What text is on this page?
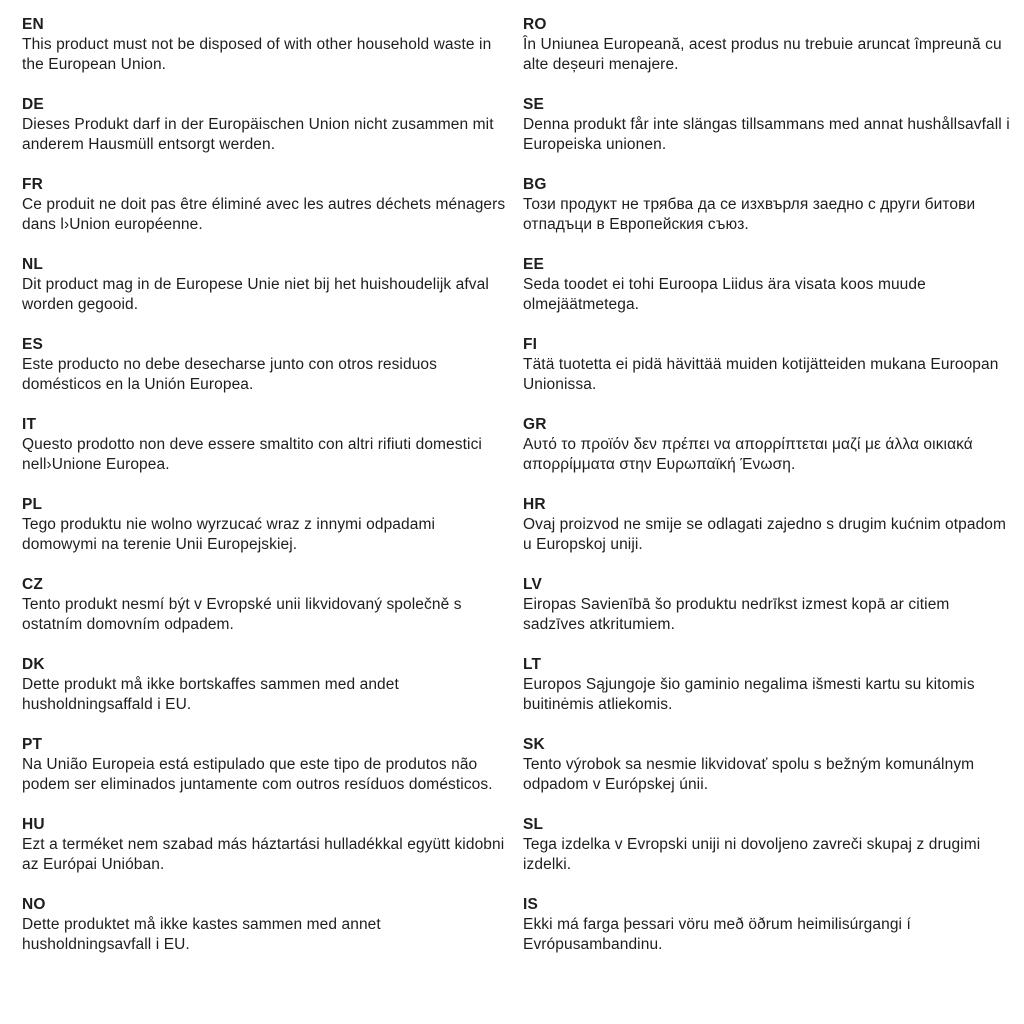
EN
This product must not be disposed of with other household waste in the European Union.
DE
Dieses Produkt darf in der Europäischen Union nicht zusammen mit anderem Hausmüll entsorgt werden.
FR
Ce produit ne doit pas être éliminé avec les autres déchets ménagers dans l›Union européenne.
NL
Dit product mag in de Europese Unie niet bij het huishoudelijk afval worden gegooid.
ES
Este producto no debe desecharse junto con otros residuos domésticos en la Unión Europea.
IT
Questo prodotto non deve essere smaltito con altri rifiuti domestici nell›Unione Europea.
PL
Tego produktu nie wolno wyrzucać wraz z innymi odpadami domowymi na terenie Unii Europejskiej.
CZ
Tento produkt nesmí být v Evropské unii likvidovaný společně s ostatním domovním odpadem.
DK
Dette produkt må ikke bortskaffes sammen med andet husholdningsaffald i EU.
PT
Na União Europeia está estipulado que este tipo de produtos não podem ser eliminados juntamente com outros resíduos domésticos.
HU
Ezt a terméket nem szabad más háztartási hulladékkal együtt kidobni az Európai Unióban.
NO
Dette produktet må ikke kastes sammen med annet husholdningsavfall i EU.
RO
În Uniunea Europeană, acest produs nu trebuie aruncat împreună cu alte deșeuri menajere.
SE
Denna produkt får inte slängas tillsammans med annat hushållsavfall i Europeiska unionen.
BG
Този продукт не трябва да се изхвърля заедно с други битови отпадъци в Европейския съюз.
EE
Seda toodet ei tohi Euroopa Liidus ära visata koos muude olmejäätmetega.
FI
Tätä tuotetta ei pidä hävittää muiden kotijätteiden mukana Euroopan Unionissa.
GR
Αυτό το προϊόν δεν πρέπει να απορρίπτεται μαζί με άλλα οικιακά απορρίμματα στην Ευρωπαϊκή Ένωση.
HR
Ovaj proizvod ne smije se odlagati zajedno s drugim kućnim otpadom u Europskoj uniji.
LV
Eiropas Savienībā šo produktu nedrīkst izmest kopā ar citiem sadzīves atkritumiem.
LT
Europos Sąjungoje šio gaminio negalima išmesti kartu su kitomis buitinėmis atliekomis.
SK
Tento výrobok sa nesmie likvidovať spolu s bežným komunálnym odpadom v Európskej únii.
SL
Tega izdelka v Evropski uniji ni dovoljeno zavreči skupaj z drugimi izdelki.
IS
Ekki má farga þessari vöru með öðrum heimilisúrgangi í Evrópusambandinu.
